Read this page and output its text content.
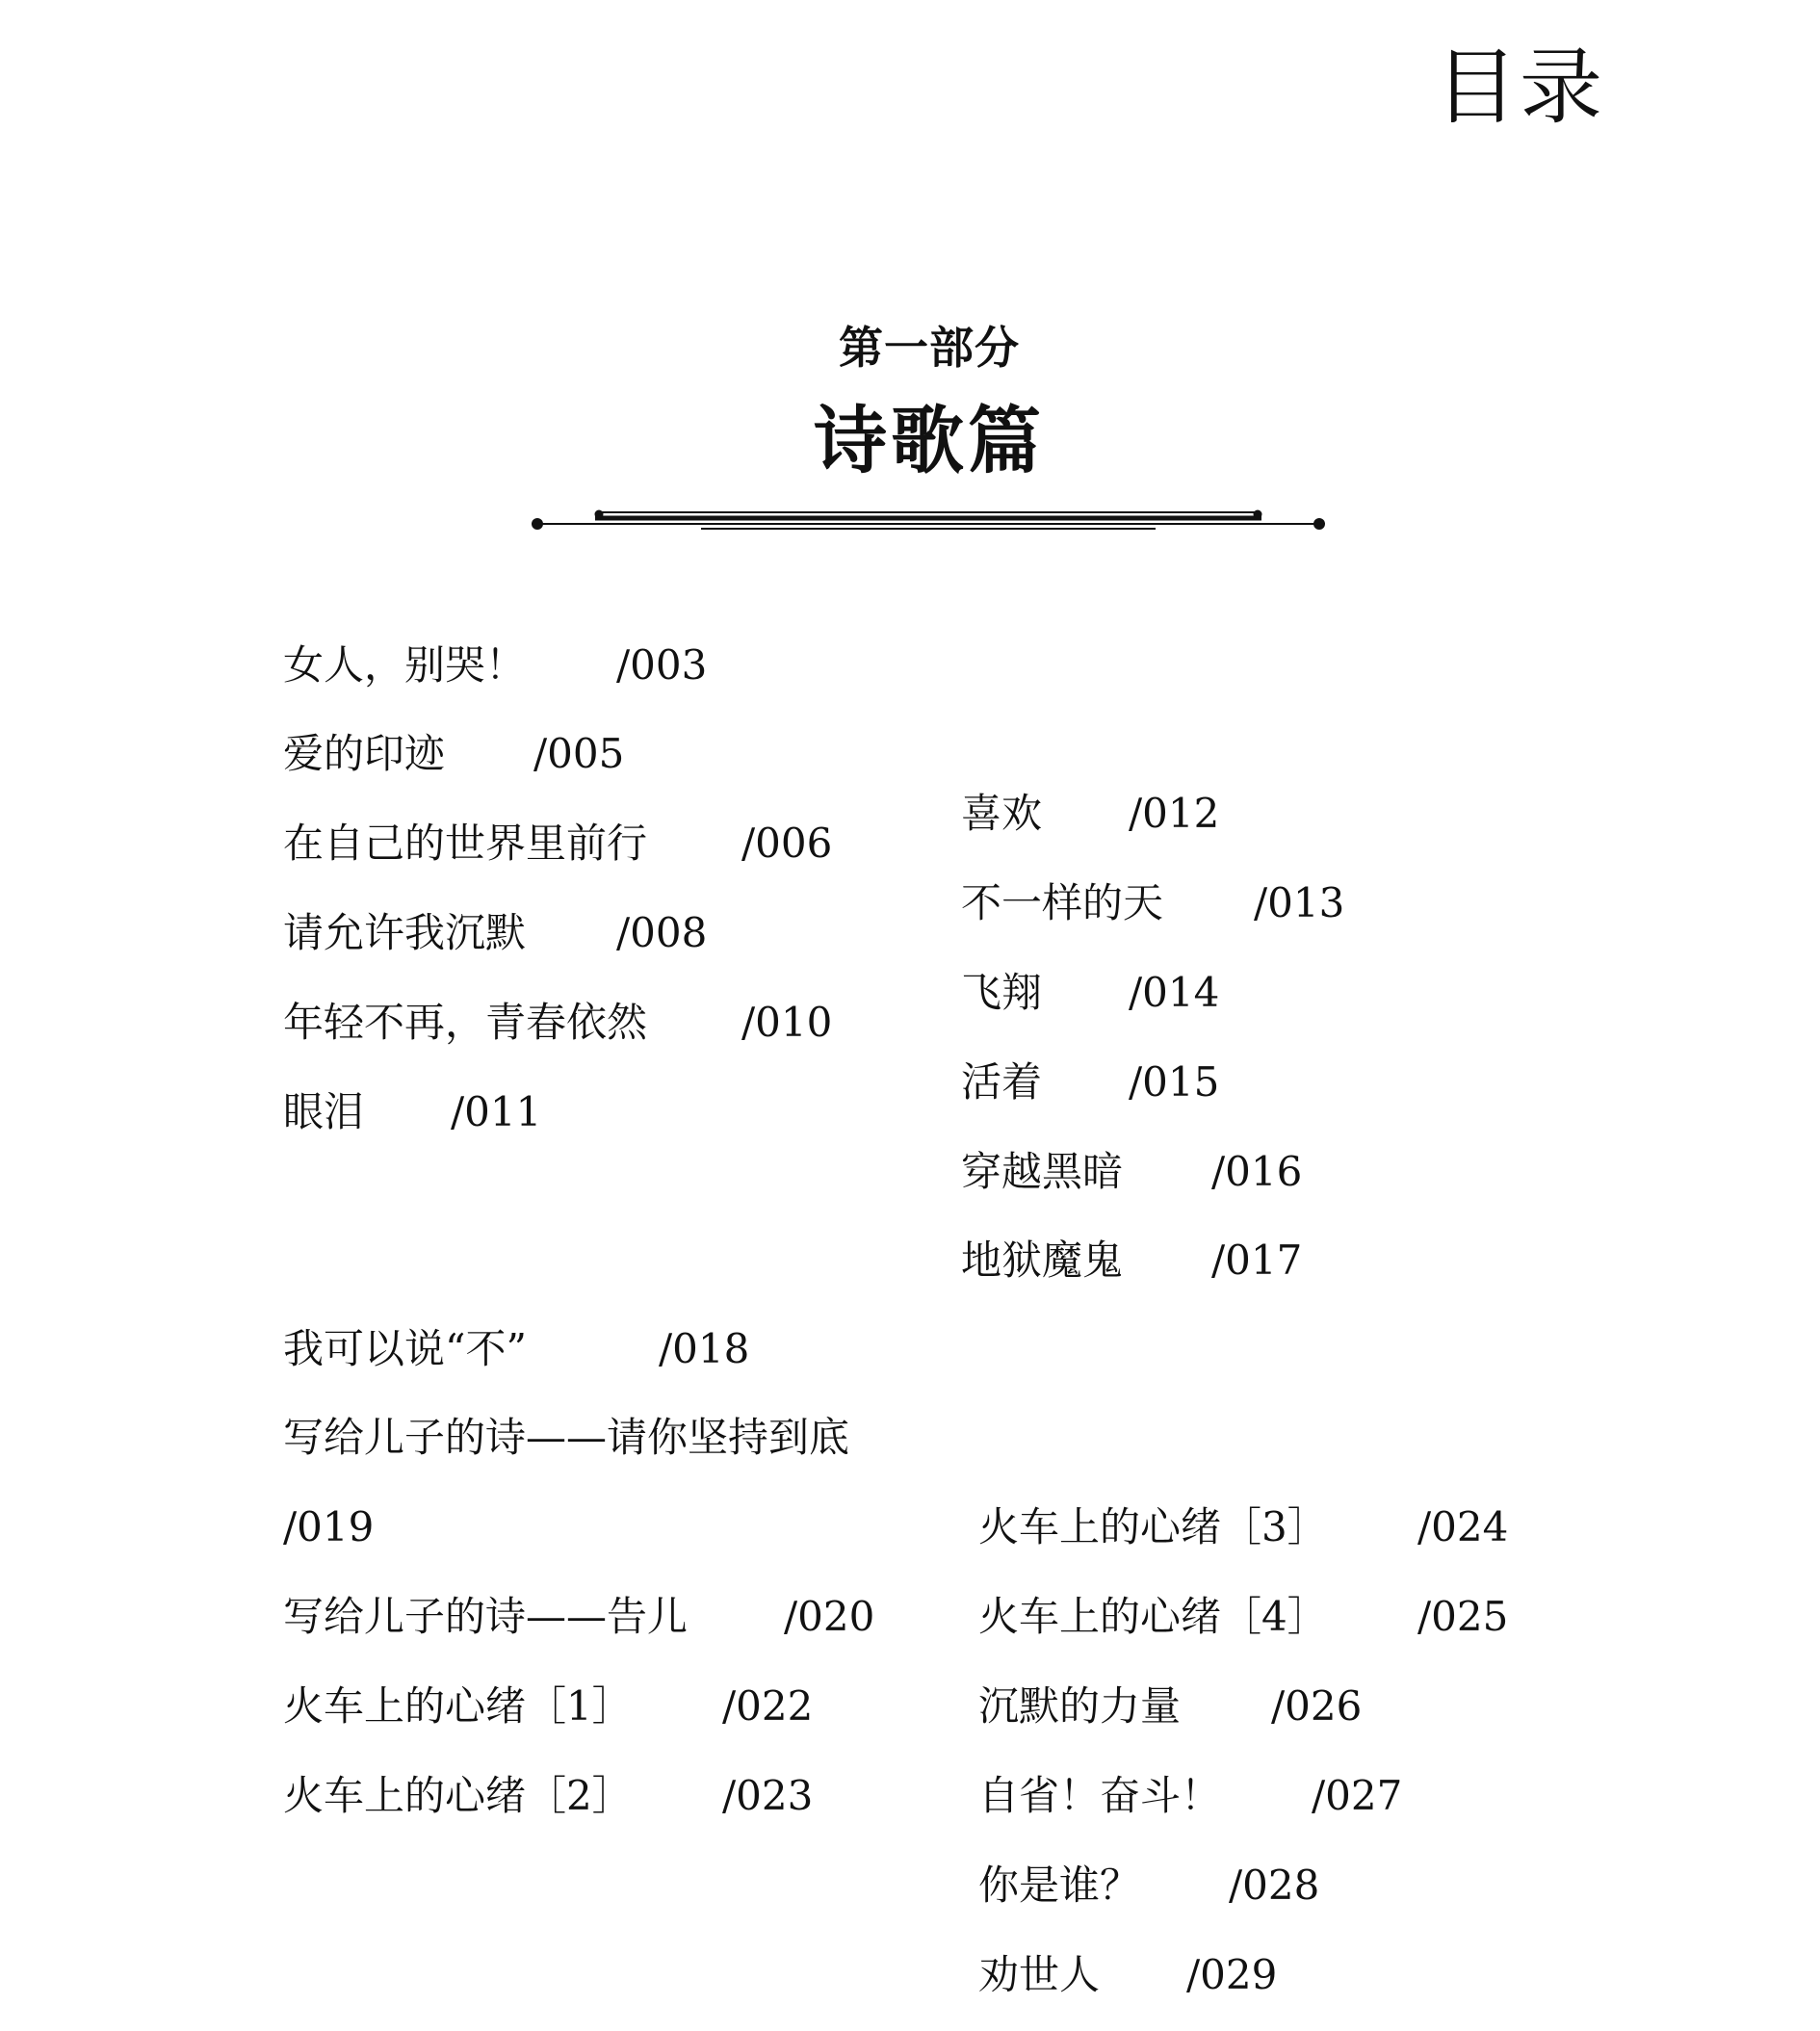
目录
第一部分
诗歌篇
女人，别哭！ /003
爱的印迹 /005
在自己的世界里前行 /006
请允许我沉默 /008
年轻不再，青春依然 /010
眼泪 /011
喜欢 /012
不一样的天 /013
飞翔 /014
活着 /015
穿越黑暗 /016
地狱魔鬼 /017
我可以说“不”	/018
写给儿子的诗——请你坚持到底
/019
写给儿子的诗——告儿 /020
火车上的心绪［1］ /022
火车上的心绪［2］ /023
火车上的心绪［3］ /024
火车上的心绪［4］ /025
沉默的力量 /026
自省！奋斗！ /027
你是谁？ /028
劝世人 /029
